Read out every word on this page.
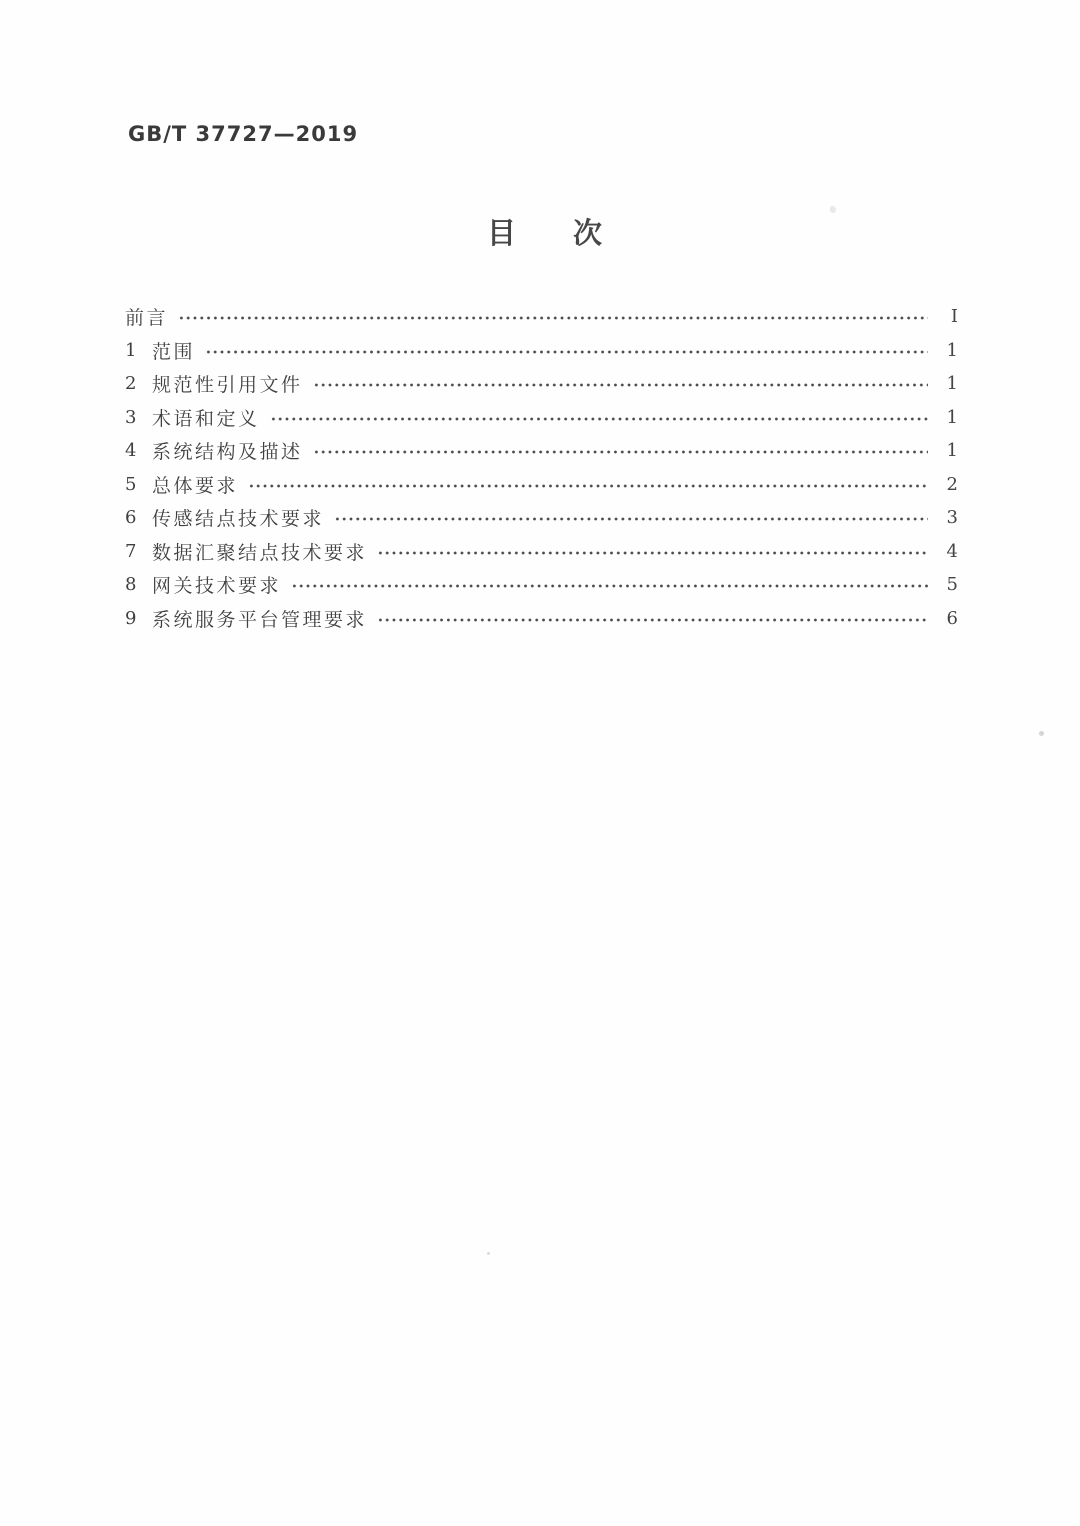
GB/T 37727—2019
目次
前言	I
1 范围	1
2 规范性引用文件	1
3 术语和定义	1
4 系统结构及描述	1
5 总体要求	2
6 传感结点技术要求	3
7 数据汇聚结点技术要求	4
8 网关技术要求	5
9 系统服务平台管理要求	6
